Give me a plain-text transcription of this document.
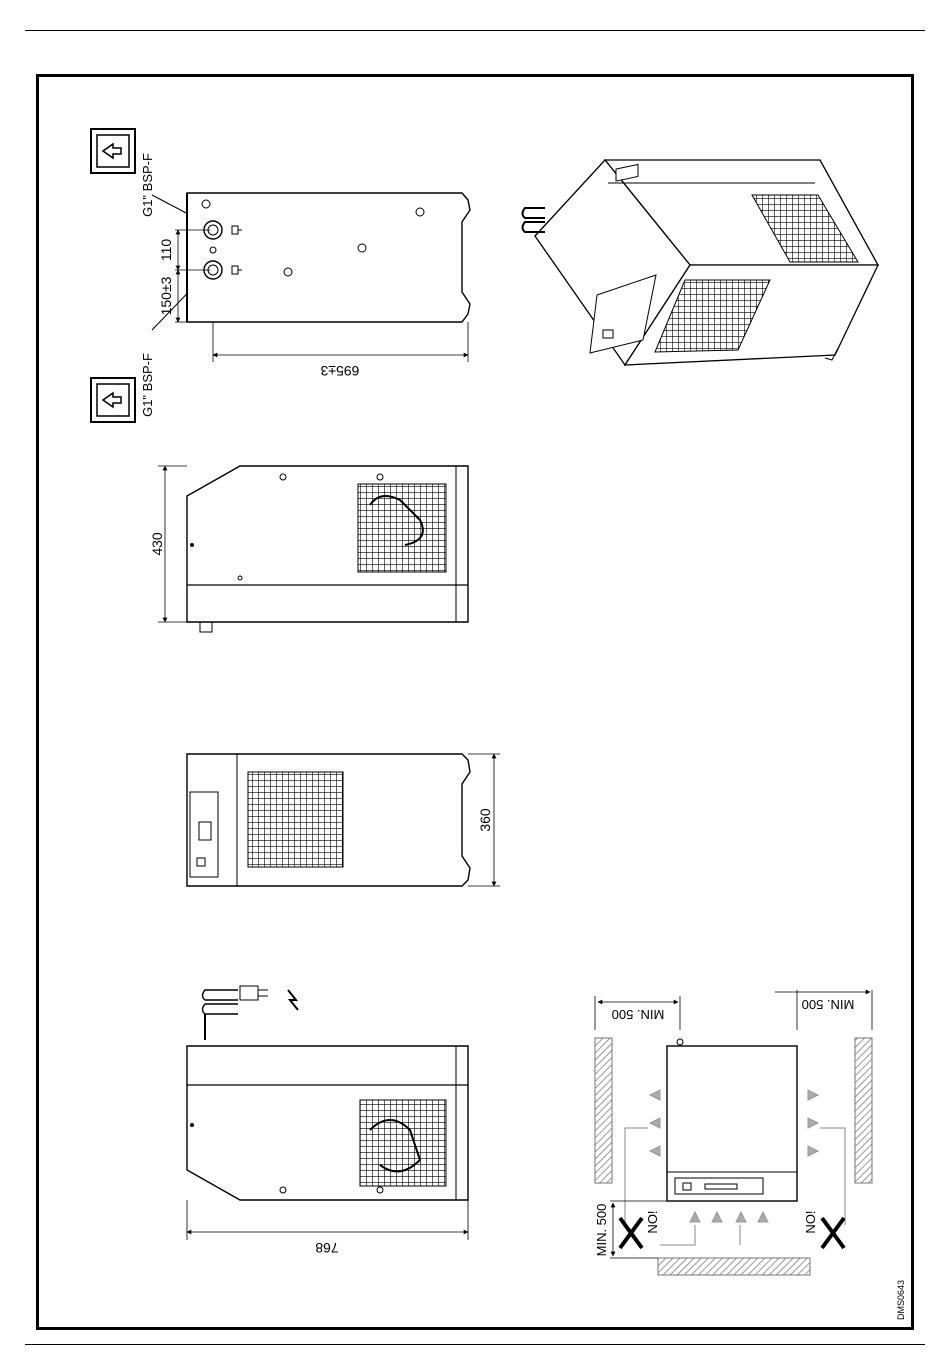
G1" BSP-F
G1" BSP-F
110
150±3
695±3
430
360
768
NO!	NO!
MIN. 500
MIN. 500
MIN. 500
DMS0643
